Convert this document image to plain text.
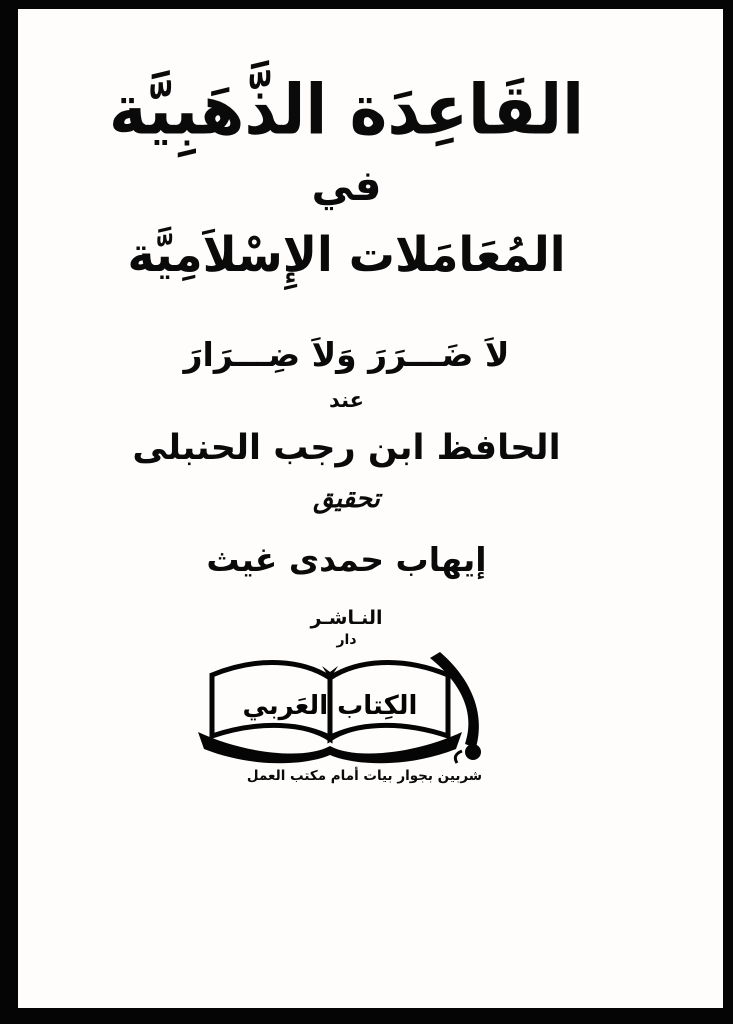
القَاعِدَة الذَّهَبِيَّة
في
المُعَامَلات الإِسْلاَمِيَّة
لاَ ضَـــرَرَ وَلاَ ضِـــرَارَ
عند
الحافظ ابن رجب الحنبلى
تحقيق
إيهاب حمدى غيث
النـاشـر
دار
الكِتاب العَربي
شربين بجوار بيات أمام مكتب العمل
